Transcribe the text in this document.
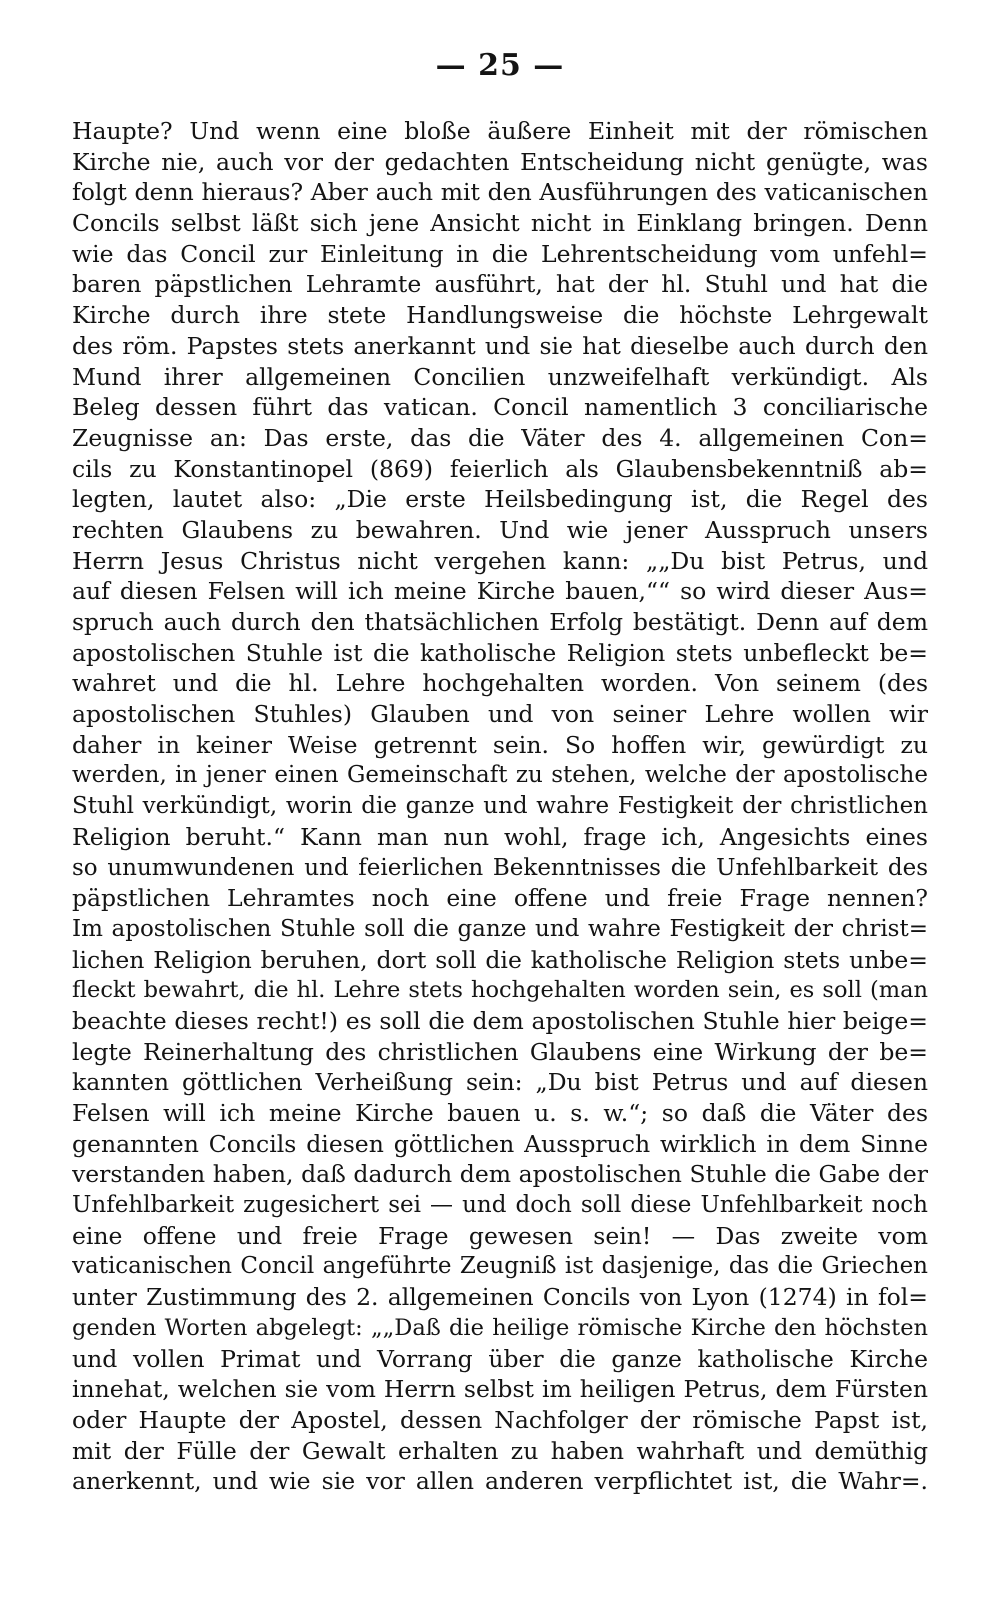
— 25 —
Haupte? Und wenn eine bloße äußere Einheit mit der römischen
Kirche nie, auch vor der gedachten Entscheidung nicht genügte, was
folgt denn hieraus? Aber auch mit den Ausführungen des vaticanischen
Concils selbst läßt sich jene Ansicht nicht in Einklang bringen. Denn
wie das Concil zur Einleitung in die Lehrentscheidung vom unfehl=
baren päpstlichen Lehramte ausführt, hat der hl. Stuhl und hat die
Kirche durch ihre stete Handlungsweise die höchste Lehrgewalt
des röm. Papstes stets anerkannt und sie hat dieselbe auch durch den
Mund ihrer allgemeinen Concilien unzweifelhaft verkündigt. Als
Beleg dessen führt das vatican. Concil namentlich 3 conciliarische
Zeugnisse an: Das erste, das die Väter des 4. allgemeinen Con=
cils zu Konstantinopel (869) feierlich als Glaubensbekenntniß ab=
legten, lautet also: „Die erste Heilsbedingung ist, die Regel des
rechten Glaubens zu bewahren. Und wie jener Ausspruch unsers
Herrn Jesus Christus nicht vergehen kann: „„Du bist Petrus, und
auf diesen Felsen will ich meine Kirche bauen,““ so wird dieser Aus=
spruch auch durch den thatsächlichen Erfolg bestätigt. Denn auf dem
apostolischen Stuhle ist die katholische Religion stets unbefleckt be=
wahret und die hl. Lehre hochgehalten worden. Von seinem (des
apostolischen Stuhles) Glauben und von seiner Lehre wollen wir
daher in keiner Weise getrennt sein. So hoffen wir, gewürdigt zu
werden, in jener einen Gemeinschaft zu stehen, welche der apostolische
Stuhl verkündigt, worin die ganze und wahre Festigkeit der christlichen
Religion beruht.“ Kann man nun wohl, frage ich, Angesichts eines
so unumwundenen und feierlichen Bekenntnisses die Unfehlbarkeit des
päpstlichen Lehramtes noch eine offene und freie Frage nennen?
Im apostolischen Stuhle soll die ganze und wahre Festigkeit der christ=
lichen Religion beruhen, dort soll die katholische Religion stets unbe=
fleckt bewahrt, die hl. Lehre stets hochgehalten worden sein, es soll (man
beachte dieses recht!) es soll die dem apostolischen Stuhle hier beige=
legte Reinerhaltung des christlichen Glaubens eine Wirkung der be=
kannten göttlichen Verheißung sein: „Du bist Petrus und auf diesen
Felsen will ich meine Kirche bauen u. s. w.“; so daß die Väter des
genannten Concils diesen göttlichen Ausspruch wirklich in dem Sinne
verstanden haben, daß dadurch dem apostolischen Stuhle die Gabe der
Unfehlbarkeit zugesichert sei — und doch soll diese Unfehlbarkeit noch
eine offene und freie Frage gewesen sein! — Das zweite vom
vaticanischen Concil angeführte Zeugniß ist dasjenige, das die Griechen
unter Zustimmung des 2. allgemeinen Concils von Lyon (1274) in fol=
genden Worten abgelegt: „„Daß die heilige römische Kirche den höchsten
und vollen Primat und Vorrang über die ganze katholische Kirche
innehat, welchen sie vom Herrn selbst im heiligen Petrus, dem Fürsten
oder Haupte der Apostel, dessen Nachfolger der römische Papst ist,
mit der Fülle der Gewalt erhalten zu haben wahrhaft und demüthig
anerkennt, und wie sie vor allen anderen verpflichtet ist, die Wahr=.
